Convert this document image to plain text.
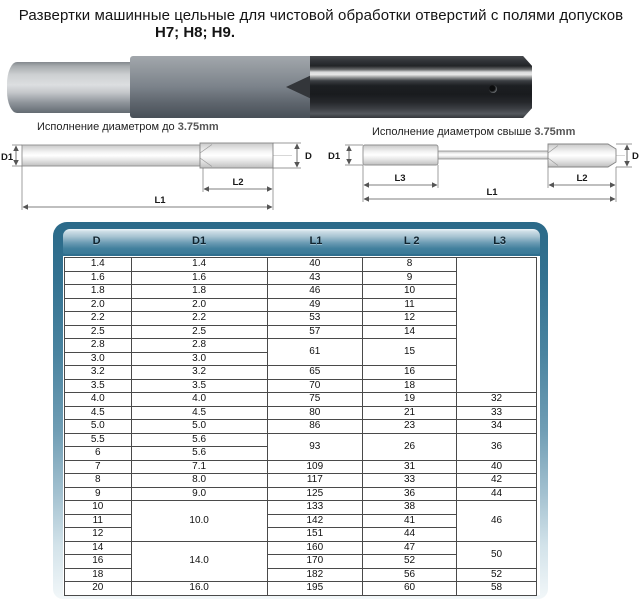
Развертки машинные цельные для чистовой обработки отверстий с полями допусков
Н7; Н8; Н9.
Исполнение диаметром до 3.75mm	Исполнение диаметром свыше 3.75mm
D1	D
L2
L1
D1	D
L3	L2
L1
D	D1	L1	L 2	L3
1.4	1.4	40	8	
1.6	1.6	43	9	
1.8	1.8	46	10	
2.0	2.0	49	11	
2.2	2.2	53	12	
2.5	2.5	57	14	
2.8	2.8	61	15	
3.0	3.0			
3.2	3.2	65	16	
3.5	3.5	70	18	
4.0	4.0	75	19	32
4.5	4.5	80	21	33
5.0	5.0	86	23	34
5.5	5.6	93	26	36
6	5.6			
7	7.1	109	31	40
8	8.0	117	33	42
9	9.0	125	36	44
10	10.0	133	38	46
11		142	41	
12		151	44	
14	14.0	160	47	50
16		170	52	
18		182	56	52
20	16.0	195	60	58
